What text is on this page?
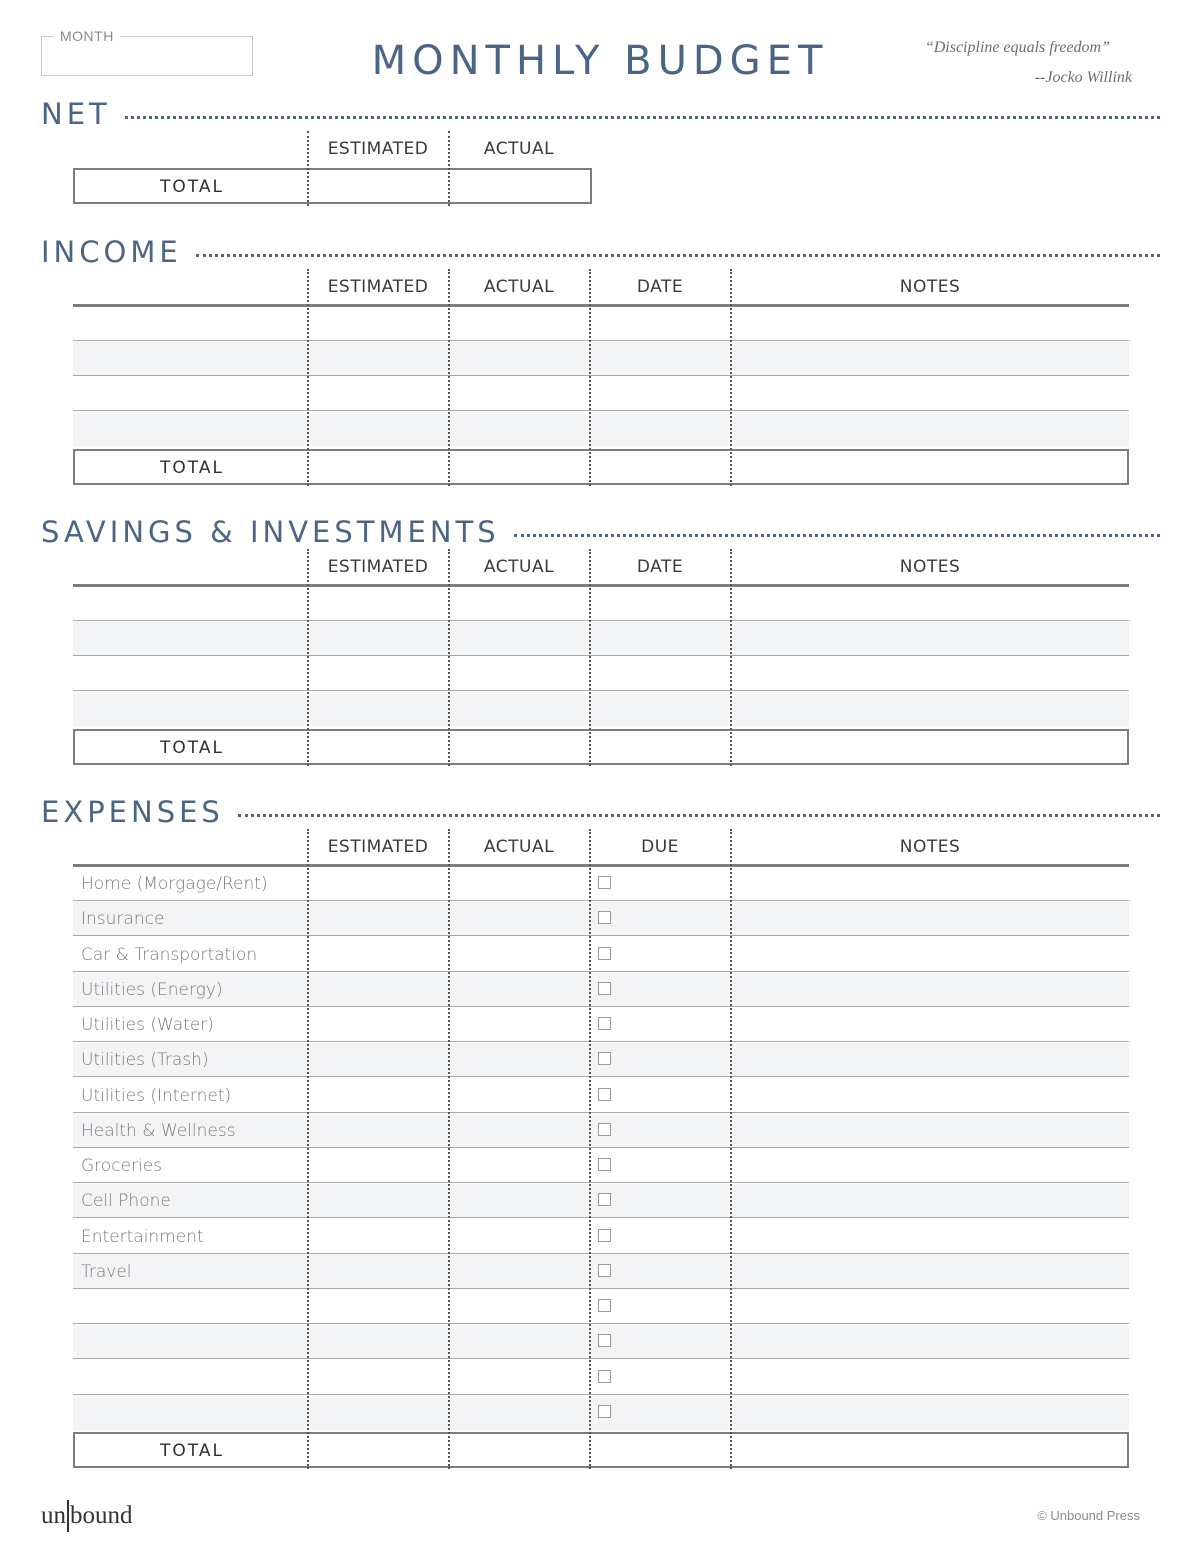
MONTH
MONTHLY BUDGET	“Discipline equals freedom”
--Jocko Willink
NET
ESTIMATED	ACTUAL
TOTAL
INCOME
ESTIMATED	ACTUAL	DATE	NOTES
TOTAL
SAVINGS & INVESTMENTS
ESTIMATED	ACTUAL	DATE	NOTES
TOTAL
EXPENSES
ESTIMATED	ACTUAL	DUE	NOTES
Home (Morgage/Rent)
Insurance
Car & Transportation
Utilities (Energy)
Utilities (Water)
Utilities (Trash)
Utilities (Internet)
Health & Wellness
Groceries
Cell Phone
Entertainment
Travel
TOTAL
un bound	© Unbound Press
